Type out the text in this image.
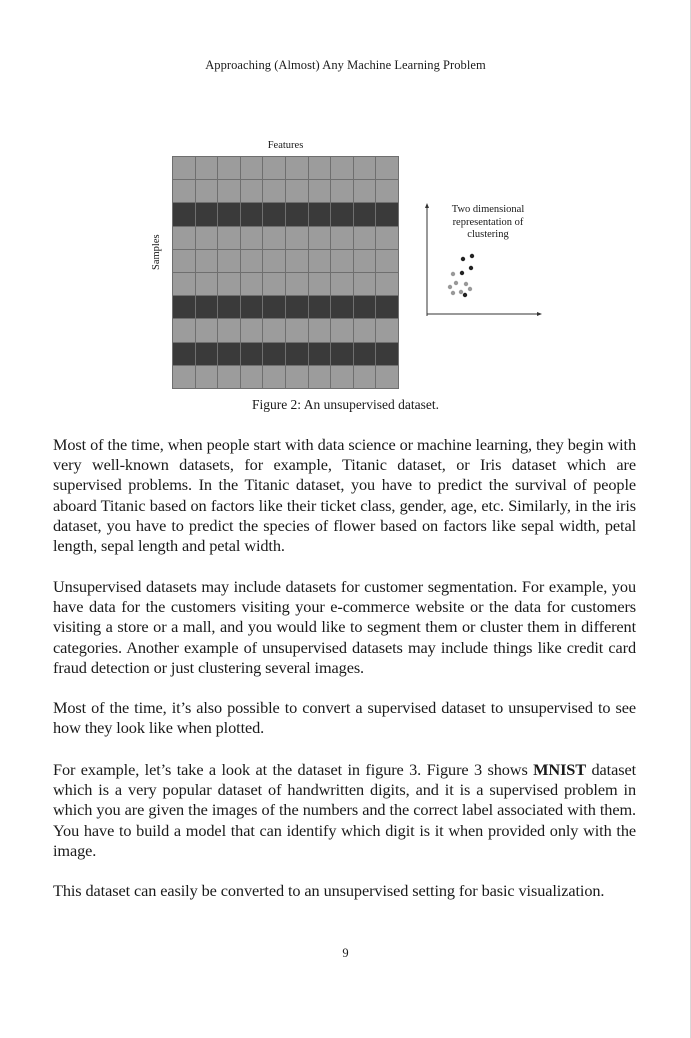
Approaching (Almost) Any Machine Learning Problem
Features
Samples
Two dimensional
representation of
clustering
Figure 2: An unsupervised dataset.

Most of the time, when people start with data science or machine learning, they begin with very well-known datasets, for example, Titanic dataset, or Iris dataset which are supervised problems. In the Titanic dataset, you have to predict the survival of people aboard Titanic based on factors like their ticket class, gender, age, etc. Similarly, in the iris dataset, you have to predict the species of flower based on factors like sepal width, petal length, sepal length and petal width.

Unsupervised datasets may include datasets for customer segmentation. For example, you have data for the customers visiting your e-commerce website or the data for customers visiting a store or a mall, and you would like to segment them or cluster them in different categories. Another example of unsupervised datasets may include things like credit card fraud detection or just clustering several images.

Most of the time, it’s also possible to convert a supervised dataset to unsupervised to see how they look like when plotted.

For example, let’s take a look at the dataset in figure 3. Figure 3 shows MNIST dataset which is a very popular dataset of handwritten digits, and it is a supervised problem in which you are given the images of the numbers and the correct label associated with them. You have to build a model that can identify which digit is it when provided only with the image.

This dataset can easily be converted to an unsupervised setting for basic visualization.

9
